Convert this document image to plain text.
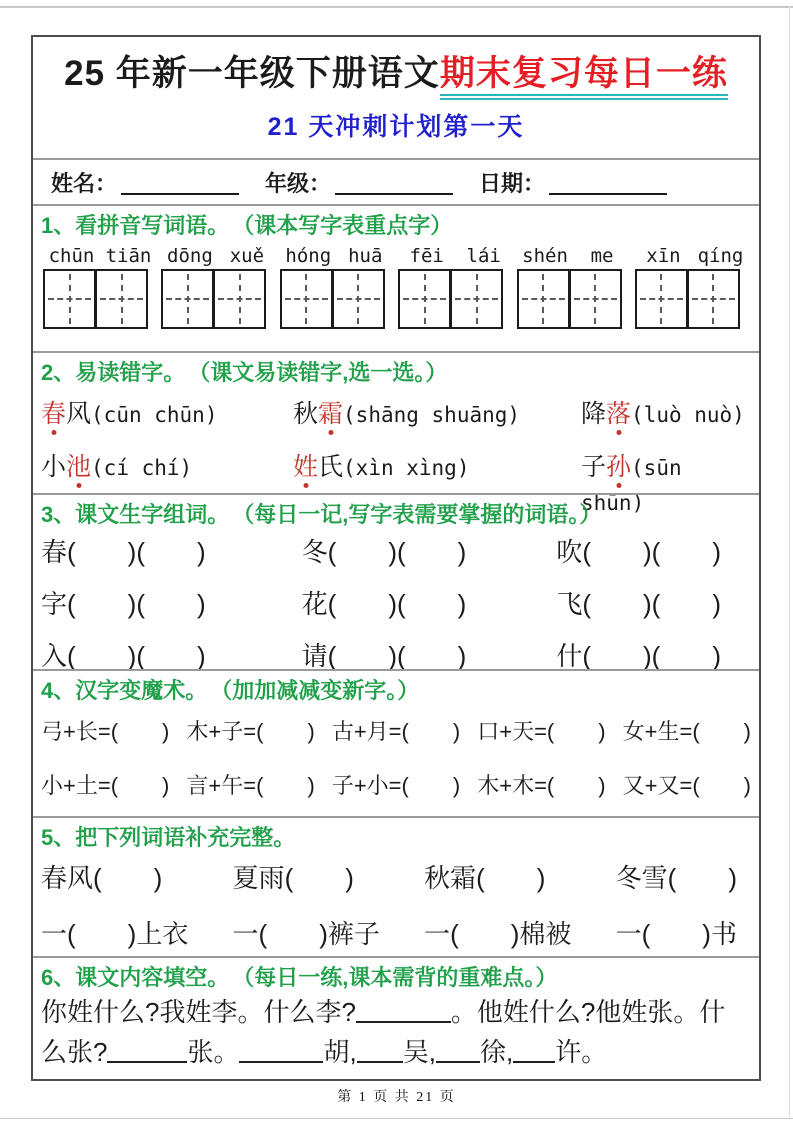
25 年新一年级下册语文期末复习每日一练
21 天冲刺计划第一天
姓名：	年级：	日期：
1、看拼音写词语。 （课本写字表重点字）
chūn tiān dōng xuě	hóng huā	fēi	lái	shén	me	xīn qíng
2、易读错字。 （课文易读错字,选一选。）
春风(cūn chūn)	秋霜(shāng shuāng)	降落(luò nuò)
小池(cí chí)	姓氏(xìn xìng)	子孙(sūn shūn)
3、课文生字组词。 （每日一记,写字表需要掌握的词语。）
春(　　)(　　)	冬(　　)(　　)	吹(　　)(　　)
字(　　)(　　)	花(　　)(　　)	飞(　　)(　　)
入(　　)(　　)	请(　　)(　　)	什(　　)(　　)
4、汉字变魔术。 （加加减减变新字。）
弓+长=(　　) 木+子=(　　) 古+月=(　　) 口+天=(　　) 女+生=(　　)
小+土=(　　) 言+午=(　　) 子+小=(　　) 木+木=(　　) 又+又=(　　)
5、把下列词语补充完整。
春风(　　)	夏雨(　　)	秋霜(　　)	冬雪(　　)
一(　　)上衣 一(　　)裤子 一(　　)棉被 一(　　)书
6、课文内容填空。 （每日一练,课本需背的重难点。）
你姓什么?我姓李。什么李?	。他姓什么?他姓张。什
么张?	张。	胡, 吴, 徐, 许。
第 1 页 共 21 页
